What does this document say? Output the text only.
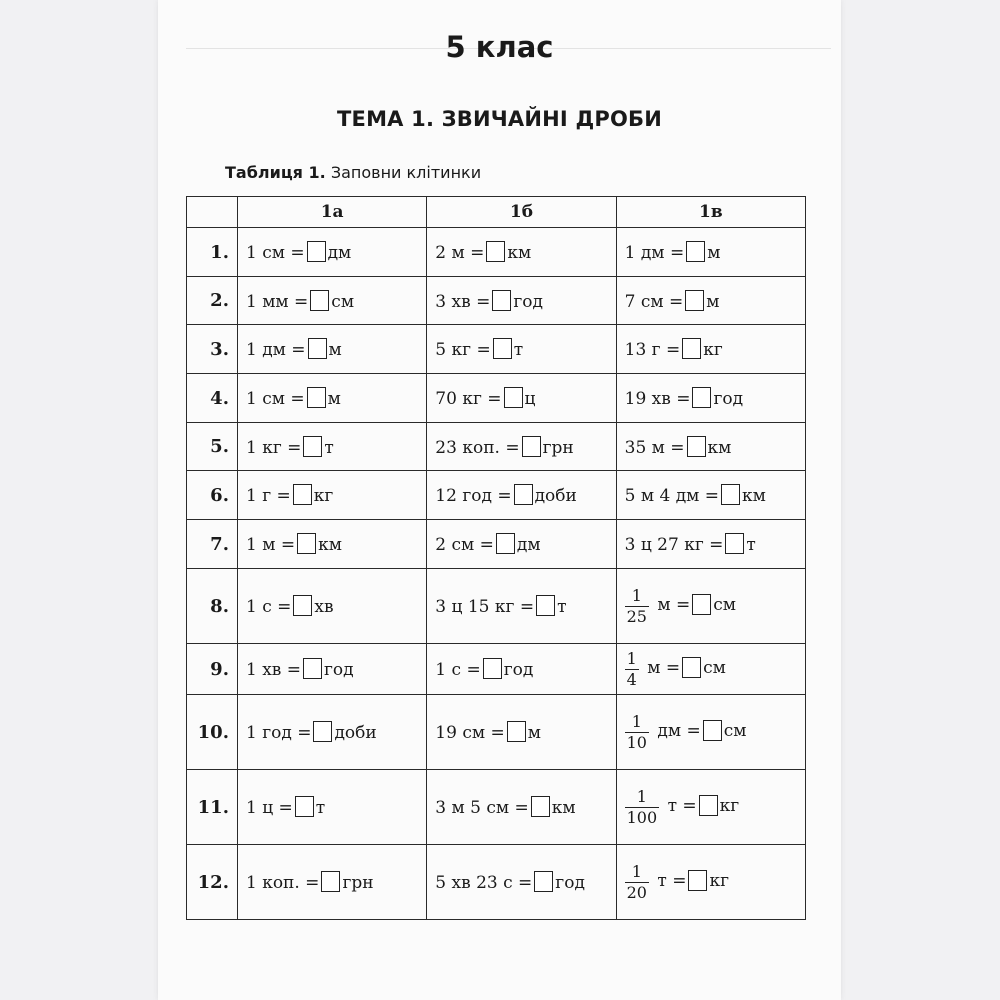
5 клас
ТЕМА 1. ЗВИЧАЙНІ ДРОБИ
Таблиця 1. Заповни клітинки
	1а	1б	1в
1.	1 см = дм	2 м = км	1 дм = м
2.	1 мм = см	3 хв = год	7 см = м
3.	1 дм = м	5 кг = т	13 г = кг
4.	1 см = м	70 кг = ц	19 хв = год
5.	1 кг = т	23 коп. = грн	35 м = км
6.	1 г = кг	12 год = доби	5 м 4 дм = км
7.	1 м = км	2 см = дм	3 ц 27 кг = т
8.	1 с = хв	3 ц 15 кг = т	$\frac{1}{25}$ м = см
9.	1 хв = год	1 с = год	$\frac{1}{4}$ м = см
10.	1 год = доби	19 см = м	$\frac{1}{10}$ дм = см
11.	1 ц = т	3 м 5 см = км	$\frac{1}{100}$ т = кг
12.	1 коп. = грн	5 хв 23 с = год	$\frac{1}{20}$ т = кг
